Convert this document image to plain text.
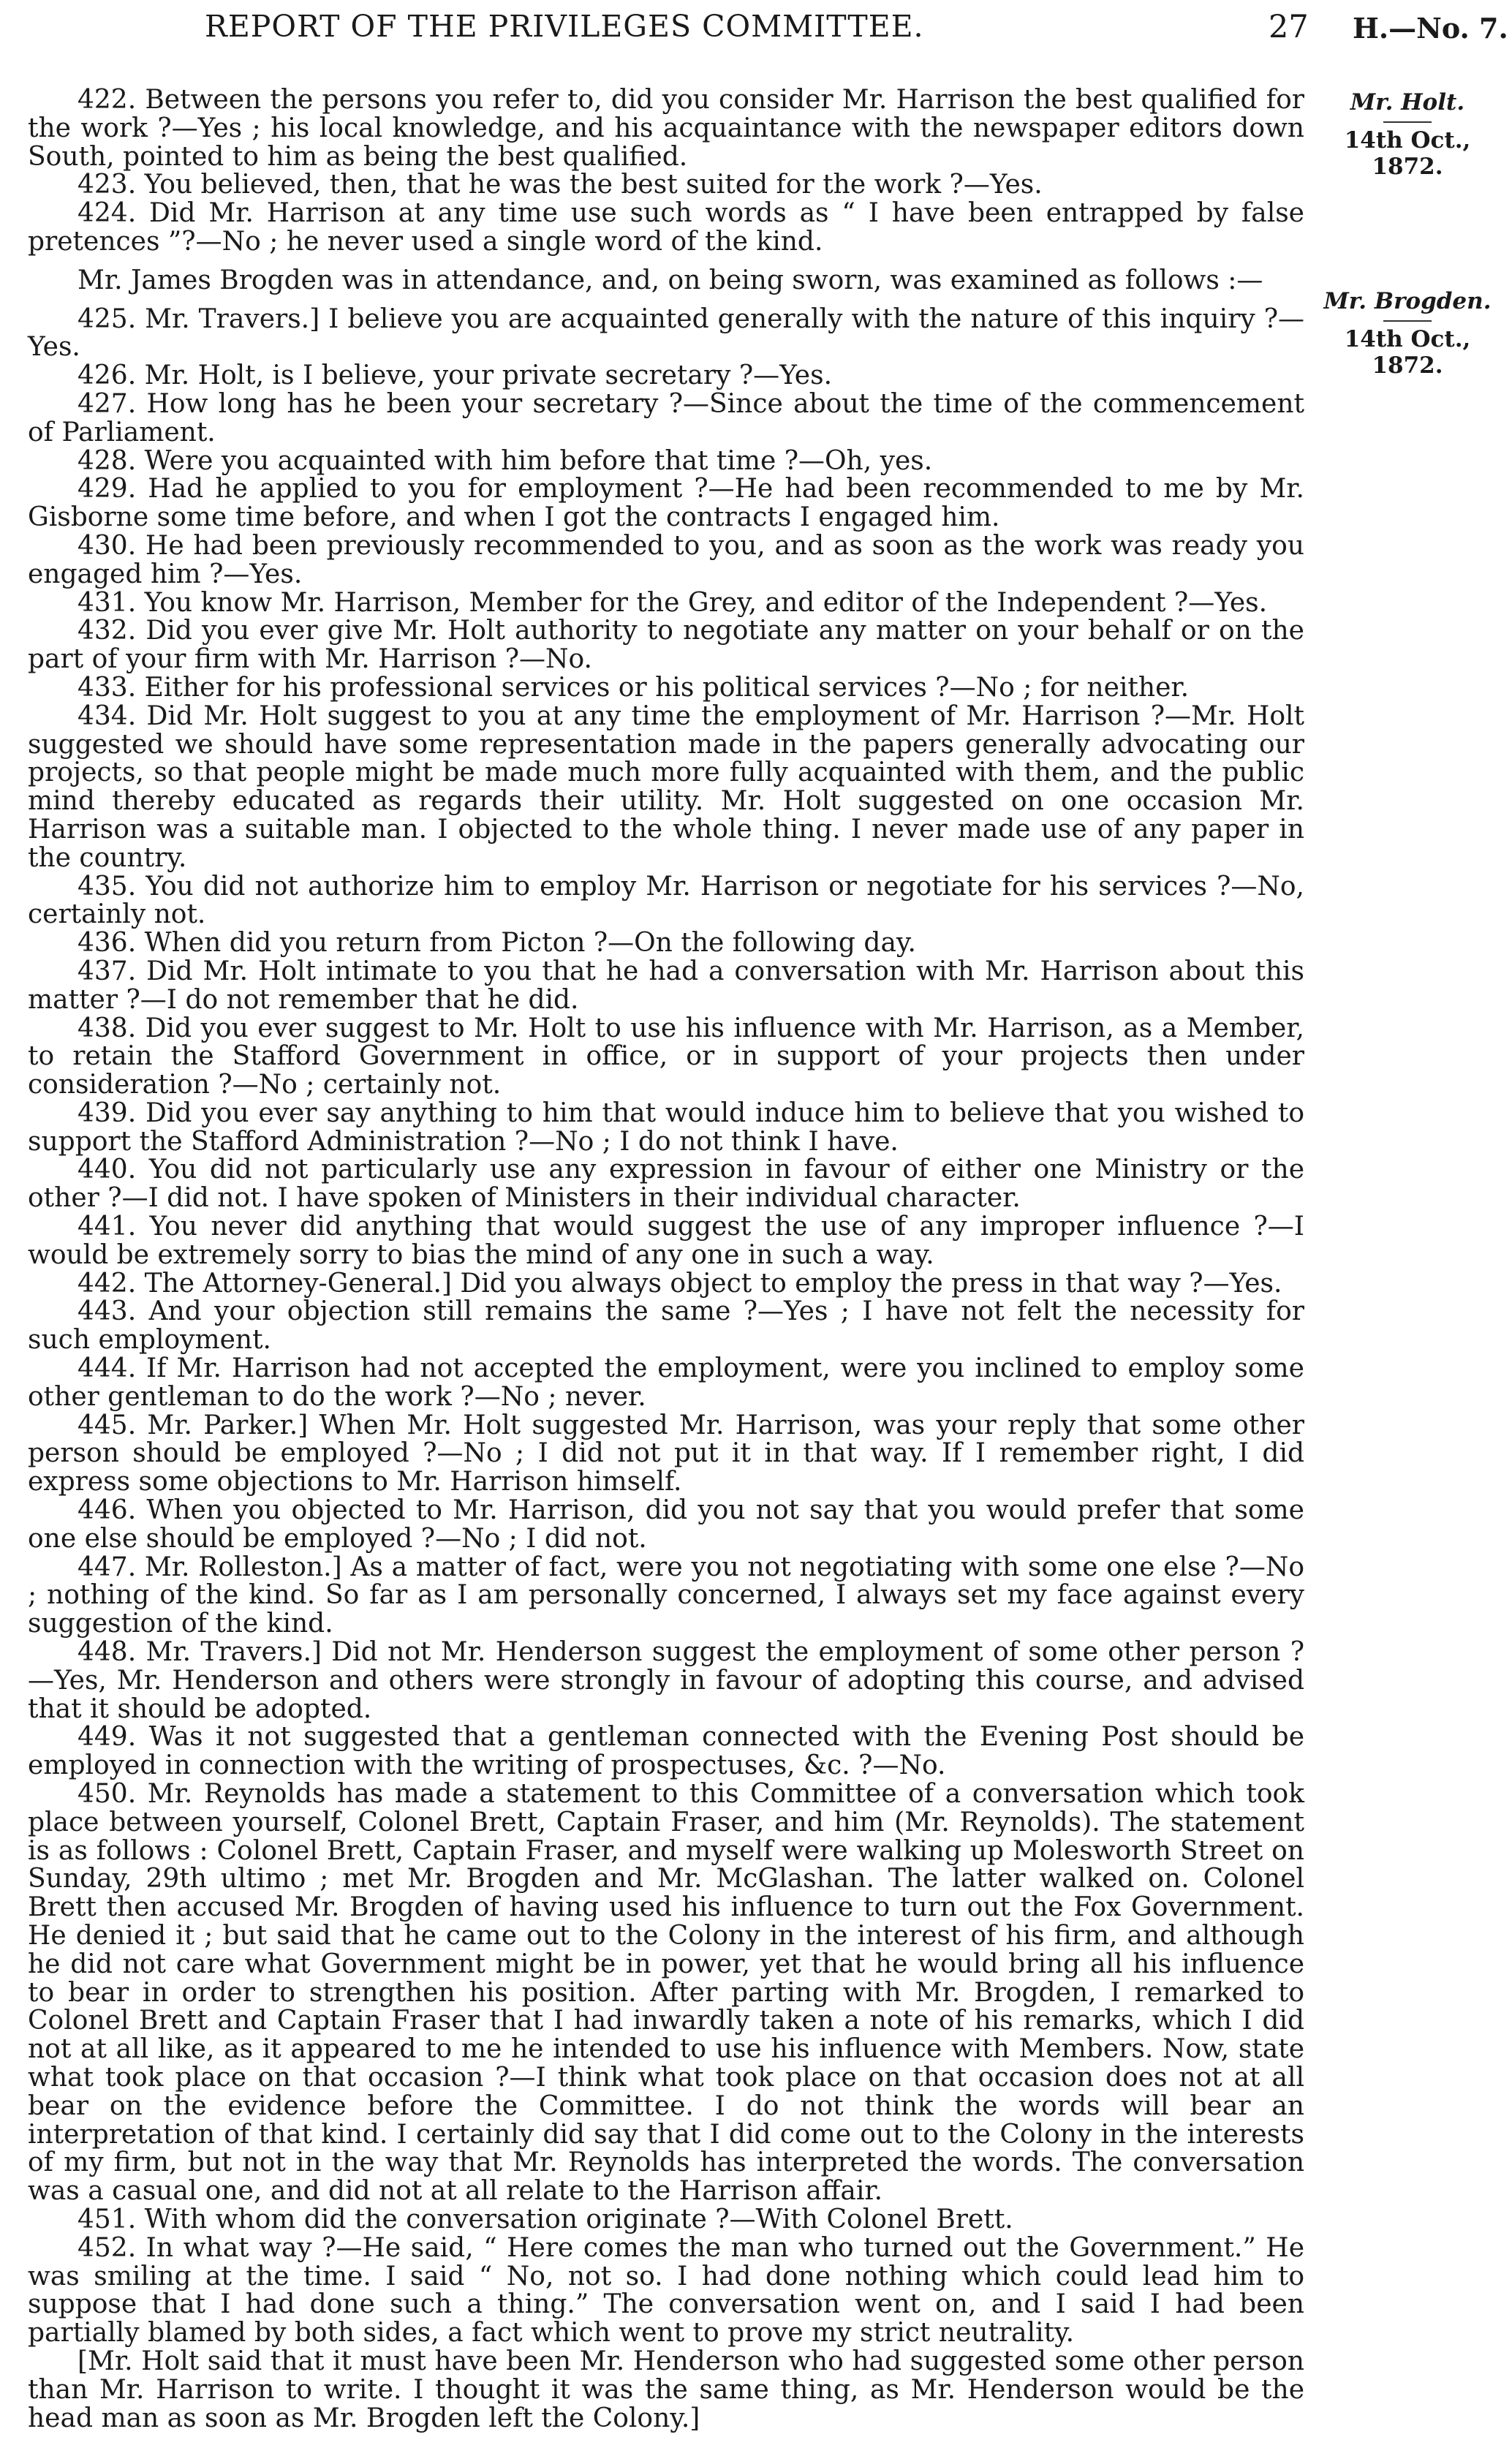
REPORT OF THE PRIVILEGES COMMITTEE.	27 H.—No. 7.
Mr. Holt.
14th Oct., 1872.
Mr. Brogden.
14th Oct., 1872.

422. Between the persons you refer to, did you consider Mr. Harrison the best qualified for the work ?—Yes ; his local knowledge, and his acquaintance with the newspaper editors down South, pointed to him as being the best qualified.

423. You believed, then, that he was the best suited for the work ?—Yes.

424. Did Mr. Harrison at any time use such words as “ I have been entrapped by false pretences ”?—No ; he never used a single word of the kind.

Mr. James Brogden was in attendance, and, on being sworn, was examined as follows :—

425. Mr. Travers.] I believe you are acquainted generally with the nature of this inquiry ?—Yes.

426. Mr. Holt, is I believe, your private secretary ?—Yes.

427. How long has he been your secretary ?—Since about the time of the commencement of Parliament.

428. Were you acquainted with him before that time ?—Oh, yes.

429. Had he applied to you for employment ?—He had been recommended to me by Mr. Gisborne some time before, and when I got the contracts I engaged him.

430. He had been previously recommended to you, and as soon as the work was ready you engaged him ?—Yes.

431. You know Mr. Harrison, Member for the Grey, and editor of the Independent ?—Yes.

432. Did you ever give Mr. Holt authority to negotiate any matter on your behalf or on the part of your firm with Mr. Harrison ?—No.

433. Either for his professional services or his political services ?—No ; for neither.

434. Did Mr. Holt suggest to you at any time the employment of Mr. Harrison ?—Mr. Holt suggested we should have some representation made in the papers generally advocating our projects, so that people might be made much more fully acquainted with them, and the public mind thereby educated as regards their utility. Mr. Holt suggested on one occasion Mr. Harrison was a suitable man. I objected to the whole thing. I never made use of any paper in the country.

435. You did not authorize him to employ Mr. Harrison or negotiate for his services ?—No, certainly not.

436. When did you return from Picton ?—On the following day.

437. Did Mr. Holt intimate to you that he had a conversation with Mr. Harrison about this matter ?—I do not remember that he did.

438. Did you ever suggest to Mr. Holt to use his influence with Mr. Harrison, as a Member, to retain the Stafford Government in office, or in support of your projects then under consideration ?—No ; certainly not.

439. Did you ever say anything to him that would induce him to believe that you wished to support the Stafford Administration ?—No ; I do not think I have.

440. You did not particularly use any expression in favour of either one Ministry or the other ?—I did not. I have spoken of Ministers in their individual character.

441. You never did anything that would suggest the use of any improper influence ?—I would be extremely sorry to bias the mind of any one in such a way.

442. The Attorney-General.] Did you always object to employ the press in that way ?—Yes.

443. And your objection still remains the same ?—Yes ; I have not felt the necessity for such employment.

444. If Mr. Harrison had not accepted the employment, were you inclined to employ some other gentleman to do the work ?—No ; never.

445. Mr. Parker.] When Mr. Holt suggested Mr. Harrison, was your reply that some other person should be employed ?—No ; I did not put it in that way. If I remember right, I did express some objections to Mr. Harrison himself.

446. When you objected to Mr. Harrison, did you not say that you would prefer that some one else should be employed ?—No ; I did not.

447. Mr. Rolleston.] As a matter of fact, were you not negotiating with some one else ?—No ; nothing of the kind. So far as I am personally concerned, I always set my face against every suggestion of the kind.

448. Mr. Travers.] Did not Mr. Henderson suggest the employment of some other person ?—Yes, Mr. Henderson and others were strongly in favour of adopting this course, and advised that it should be adopted.

449. Was it not suggested that a gentleman connected with the Evening Post should be employed in connection with the writing of prospectuses, &c. ?—No.

450. Mr. Reynolds has made a statement to this Committee of a conversation which took place between yourself, Colonel Brett, Captain Fraser, and him (Mr. Reynolds). The statement is as follows : Colonel Brett, Captain Fraser, and myself were walking up Molesworth Street on Sunday, 29th ultimo ; met Mr. Brogden and Mr. McGlashan. The latter walked on. Colonel Brett then accused Mr. Brogden of having used his influence to turn out the Fox Government. He denied it ; but said that he came out to the Colony in the interest of his firm, and although he did not care what Government might be in power, yet that he would bring all his influence to bear in order to strengthen his position. After parting with Mr. Brogden, I remarked to Colonel Brett and Captain Fraser that I had inwardly taken a note of his remarks, which I did not at all like, as it appeared to me he intended to use his influence with Members. Now, state what took place on that occasion ?—I think what took place on that occasion does not at all bear on the evidence before the Committee. I do not think the words will bear an interpretation of that kind. I certainly did say that I did come out to the Colony in the interests of my firm, but not in the way that Mr. Reynolds has interpreted the words. The conversation was a casual one, and did not at all relate to the Harrison affair.

451. With whom did the conversation originate ?—With Colonel Brett.

452. In what way ?—He said, “ Here comes the man who turned out the Government.” He was smiling at the time. I said “ No, not so. I had done nothing which could lead him to suppose that I had done such a thing.” The conversation went on, and I said I had been partially blamed by both sides, a fact which went to prove my strict neutrality.

[Mr. Holt said that it must have been Mr. Henderson who had suggested some other person than Mr. Harrison to write. I thought it was the same thing, as Mr. Henderson would be the head man as soon as Mr. Brogden left the Colony.]
